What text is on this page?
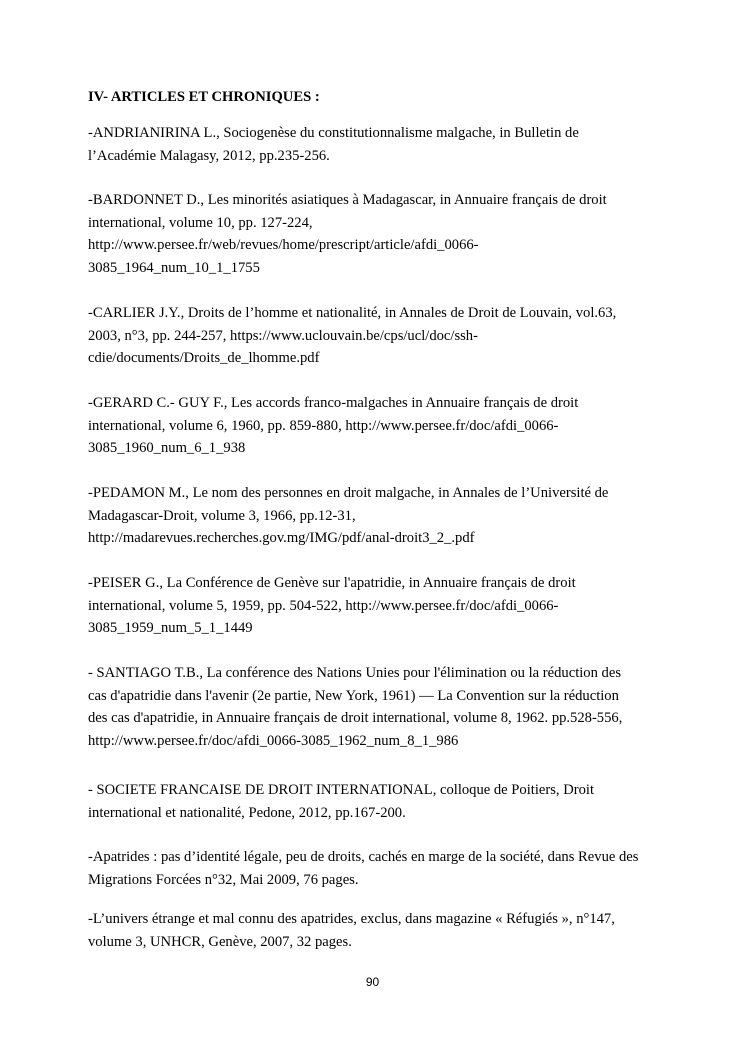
IV- ARTICLES ET CHRONIQUES :
-ANDRIANIRINA L., Sociogenèse du constitutionnalisme malgache, in Bulletin de
l’Académie Malagasy, 2012, pp.235-256.
-BARDONNET D., Les minorités asiatiques à Madagascar, in Annuaire français de droit
international, volume 10, pp. 127-224,
http://www.persee.fr/web/revues/home/prescript/article/afdi_0066-
3085_1964_num_10_1_1755
-CARLIER J.Y., Droits de l’homme et nationalité, in Annales de Droit de Louvain, vol.63,
2003, n°3, pp. 244-257, https://www.uclouvain.be/cps/ucl/doc/ssh-
cdie/documents/Droits_de_lhomme.pdf
-GERARD C.- GUY F., Les accords franco-malgaches in Annuaire français de droit
international, volume 6, 1960, pp. 859-880, http://www.persee.fr/doc/afdi_0066-
3085_1960_num_6_1_938
-PEDAMON M., Le nom des personnes en droit malgache, in Annales de l’Université de
Madagascar-Droit, volume 3, 1966, pp.12-31,
http://madarevues.recherches.gov.mg/IMG/pdf/anal-droit3_2_.pdf
-PEISER G., La Conférence de Genève sur l'apatridie, in Annuaire français de droit
international, volume 5, 1959, pp. 504-522, http://www.persee.fr/doc/afdi_0066-
3085_1959_num_5_1_1449
- SANTIAGO T.B., La conférence des Nations Unies pour l'élimination ou la réduction des
cas d'apatridie dans l'avenir (2e partie, New York, 1961) — La Convention sur la réduction
des cas d'apatridie, in Annuaire français de droit international, volume 8, 1962. pp.528-556,
http://www.persee.fr/doc/afdi_0066-3085_1962_num_8_1_986
- SOCIETE FRANCAISE DE DROIT INTERNATIONAL, colloque de Poitiers, Droit
international et nationalité, Pedone, 2012, pp.167-200.
-Apatrides : pas d’identité légale, peu de droits, cachés en marge de la société, dans Revue des
Migrations Forcées n°32, Mai 2009, 76 pages.
-L’univers étrange et mal connu des apatrides, exclus, dans magazine « Réfugiés », n°147,
volume 3, UNHCR, Genève, 2007, 32 pages.
90
